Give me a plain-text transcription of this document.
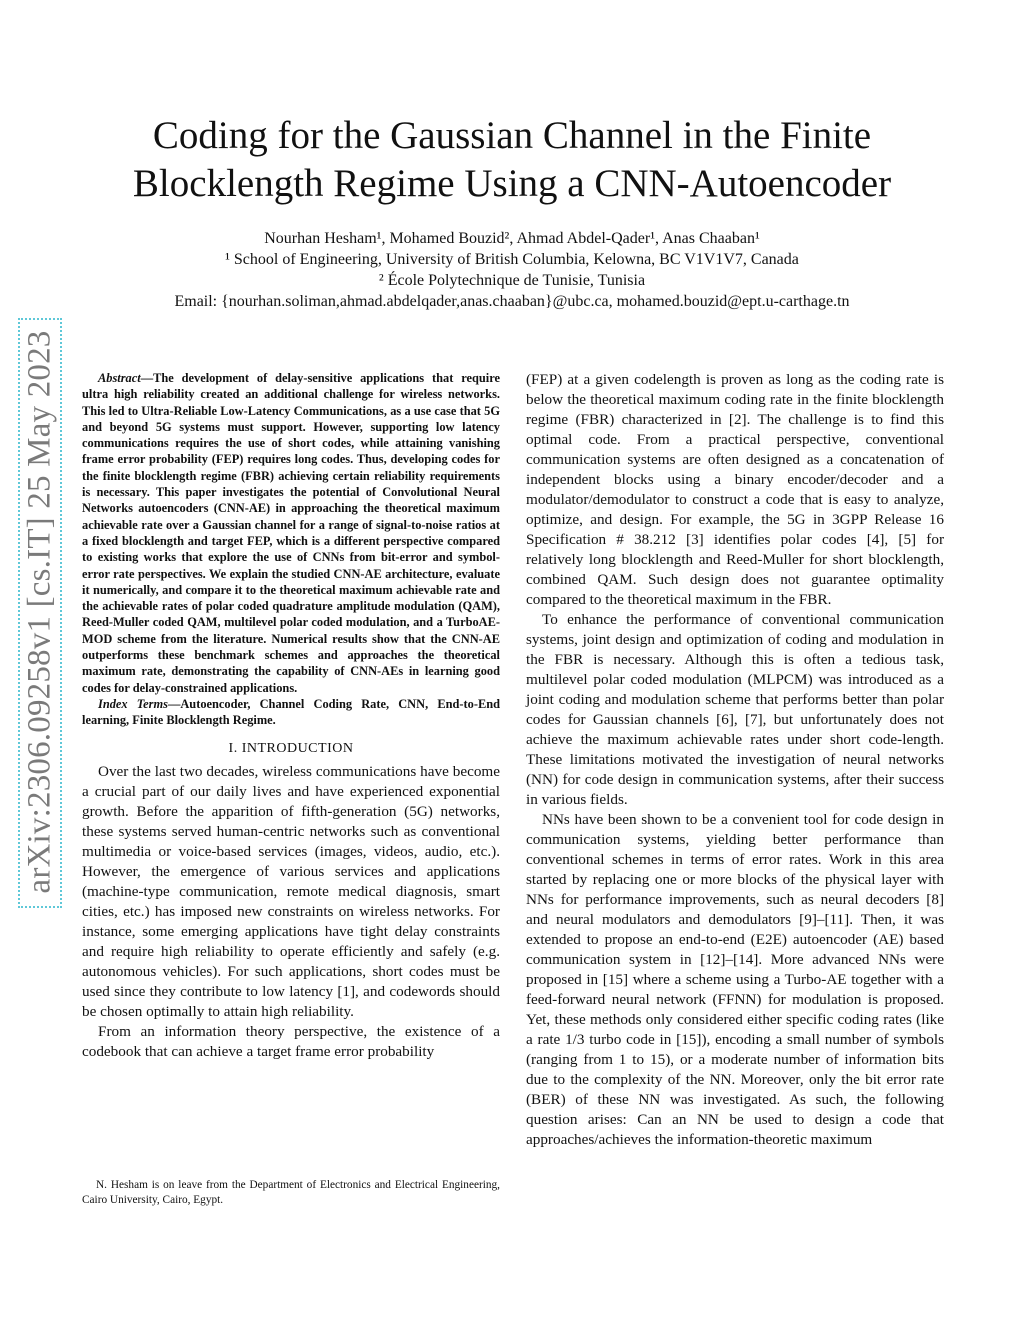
arXiv:2306.09258v1 [cs.IT] 25 May 2023
Coding for the Gaussian Channel in the Finite
Blocklength Regime Using a CNN-Autoencoder
Nourhan Hesham¹, Mohamed Bouzid², Ahmad Abdel-Qader¹, Anas Chaaban¹
¹ School of Engineering, University of British Columbia, Kelowna, BC V1V1V7, Canada
² École Polytechnique de Tunisie, Tunisia
Email: {nourhan.soliman,ahmad.abdelqader,anas.chaaban}@ubc.ca, mohamed.bouzid@ept.u-carthage.tn

Abstract—The development of delay-sensitive applications that require ultra high reliability created an additional challenge for wireless networks. This led to Ultra-Reliable Low-Latency Communications, as a use case that 5G and beyond 5G systems must support. However, supporting low latency communications requires the use of short codes, while attaining vanishing frame error probability (FEP) requires long codes. Thus, developing codes for the finite blocklength regime (FBR) achieving certain reliability requirements is necessary. This paper investigates the potential of Convolutional Neural Networks autoencoders (CNN-AE) in approaching the theoretical maximum achievable rate over a Gaussian channel for a range of signal-to-noise ratios at a fixed blocklength and target FEP, which is a different perspective compared to existing works that explore the use of CNNs from bit-error and symbol-error rate perspectives. We explain the studied CNN-AE architecture, evaluate it numerically, and compare it to the theoretical maximum achievable rate and the achievable rates of polar coded quadrature amplitude modulation (QAM), Reed-Muller coded QAM, multilevel polar coded modulation, and a TurboAE-MOD scheme from the literature. Numerical results show that the CNN-AE outperforms these benchmark schemes and approaches the theoretical maximum rate, demonstrating the capability of CNN-AEs in learning good codes for delay-constrained applications.

Index Terms—Autoencoder, Channel Coding Rate, CNN, End-to-End learning, Finite Blocklength Regime.

I. INTRODUCTION

Over the last two decades, wireless communications have become a crucial part of our daily lives and have experienced exponential growth. Before the apparition of fifth-generation (5G) networks, these systems served human-centric networks such as conventional multimedia or voice-based services (images, videos, audio, etc.). However, the emergence of various services and applications (machine-type communication, remote medical diagnosis, smart cities, etc.) has imposed new constraints on wireless networks. For instance, some emerging applications have tight delay constraints and require high reliability to operate efficiently and safely (e.g. autonomous vehicles). For such applications, short codes must be used since they contribute to low latency [1], and codewords should be chosen optimally to attain high reliability.

From an information theory perspective, the existence of a codebook that can achieve a target frame error probability

N. Hesham is on leave from the Department of Electronics and Electrical Engineering, Cairo University, Cairo, Egypt.

(FEP) at a given codelength is proven as long as the coding rate is below the theoretical maximum coding rate in the finite blocklength regime (FBR) characterized in [2]. The challenge is to find this optimal code. From a practical perspective, conventional communication systems are often designed as a concatenation of independent blocks using a binary encoder/decoder and a modulator/demodulator to construct a code that is easy to analyze, optimize, and design. For example, the 5G in 3GPP Release 16 Specification # 38.212 [3] identifies polar codes [4], [5] for relatively long blocklength and Reed-Muller for short blocklength, combined QAM. Such design does not guarantee optimality compared to the theoretical maximum in the FBR.

To enhance the performance of conventional communication systems, joint design and optimization of coding and modulation in the FBR is necessary. Although this is often a tedious task, multilevel polar coded modulation (MLPCM) was introduced as a joint coding and modulation scheme that performs better than polar codes for Gaussian channels [6], [7], but unfortunately does not achieve the maximum achievable rates under short code-length. These limitations motivated the investigation of neural networks (NN) for code design in communication systems, after their success in various fields.

NNs have been shown to be a convenient tool for code design in communication systems, yielding better performance than conventional schemes in terms of error rates. Work in this area started by replacing one or more blocks of the physical layer with NNs for performance improvements, such as neural decoders [8] and neural modulators and demodulators [9]–[11]. Then, it was extended to propose an end-to-end (E2E) autoencoder (AE) based communication system in [12]–[14]. More advanced NNs were proposed in [15] where a scheme using a Turbo-AE together with a feed-forward neural network (FFNN) for modulation is proposed. Yet, these methods only considered either specific coding rates (like a rate 1/3 turbo code in [15]), encoding a small number of symbols (ranging from 1 to 15), or a moderate number of information bits due to the complexity of the NN. Moreover, only the bit error rate (BER) of these NN was investigated. As such, the following question arises: Can an NN be used to design a code that approaches/achieves the information-theoretic maximum
